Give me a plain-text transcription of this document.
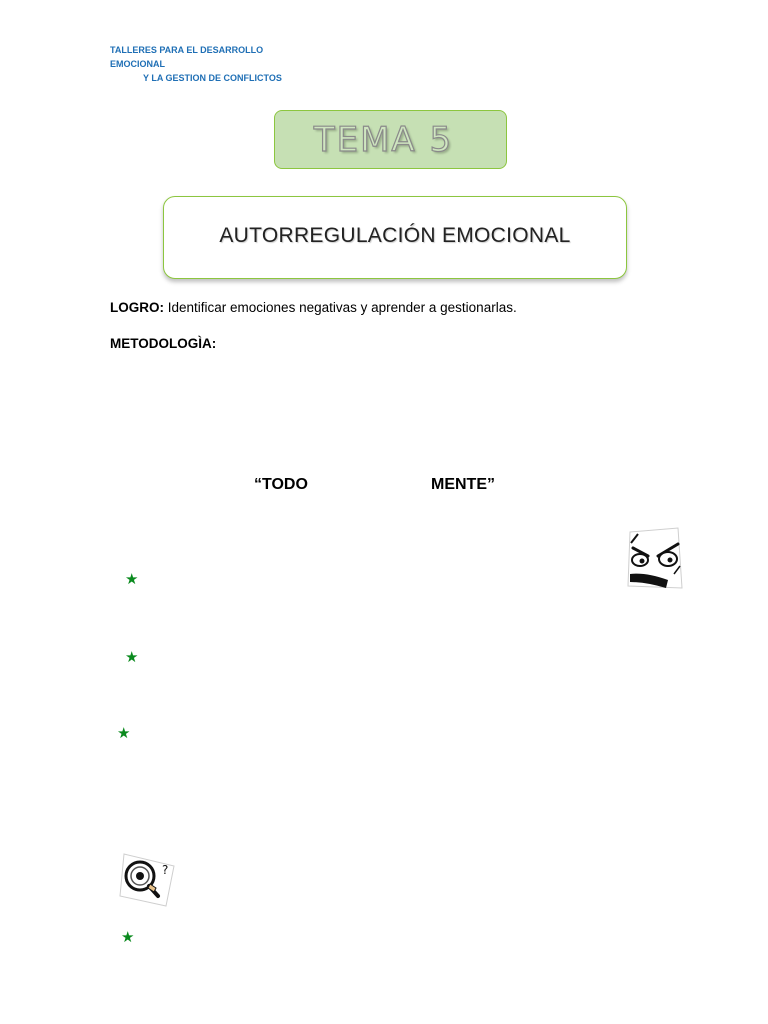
TALLERES PARA EL DESARROLLO EMOCIONAL
Y LA GESTION DE CONFLICTOS
TEMA 5
AUTORREGULACIÓN EMOCIONAL
LOGRO: Identificar emociones negativas y aprender a gestionarlas.
METODOLOGÌA:
“TODO	MENTE”
★
★
★
★
?
